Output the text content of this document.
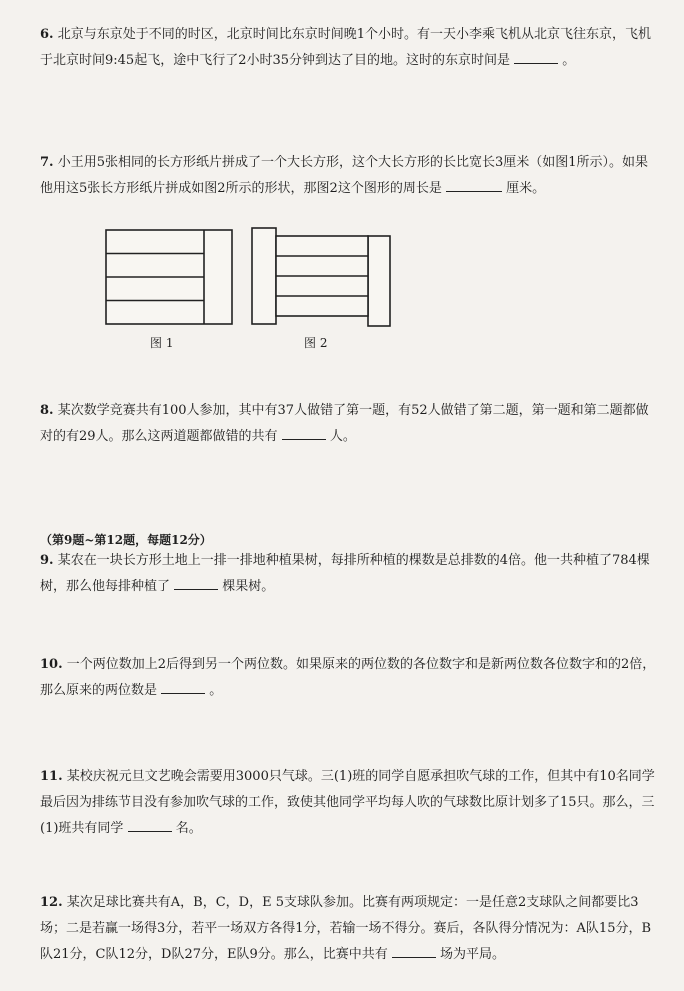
6. 北京与东京处于不同的时区，北京时间比东京时间晚1个小时。有一天小李乘飞机从北京飞往东京，飞机于北京时间9:45起飞，途中飞行了2小时35分钟到达了目的地。这时的东京时间是	。
7. 小王用5张相同的长方形纸片拼成了一个大长方形，这个大长方形的长比宽长3厘米（如图1所示）。如果他用这5张长方形纸片拼成如图2所示的形状，那图2这个图形的周长是	厘米。
图 1	图 2
8. 某次数学竞赛共有100人参加，其中有37人做错了第一题，有52人做错了第二题，第一题和第二题都做对的有29人。那么这两道题都做错的共有	人。
（第9题~第12题，每题12分）
9. 某农在一块长方形土地上一排一排地种植果树，每排所种植的棵数是总排数的4倍。他一共种植了784棵树，那么他每排种植了	棵果树。
10. 一个两位数加上2后得到另一个两位数。如果原来的两位数的各位数字和是新两位数各位数字和的2倍，那么原来的两位数是	。
11. 某校庆祝元旦文艺晚会需要用3000只气球。三(1)班的同学自愿承担吹气球的工作，但其中有10名同学最后因为排练节目没有参加吹气球的工作，致使其他同学平均每人吹的气球数比原计划多了15只。那么，三(1)班共有同学	名。
12. 某次足球比赛共有A，B，C，D，E 5支球队参加。比赛有两项规定：一是任意2支球队之间都要比3场；二是若赢一场得3分，若平一场双方各得1分，若输一场不得分。赛后，各队得分情况为：A队15分，B队21分，C队12分，D队27分，E队9分。那么，比赛中共有	场为平局。
